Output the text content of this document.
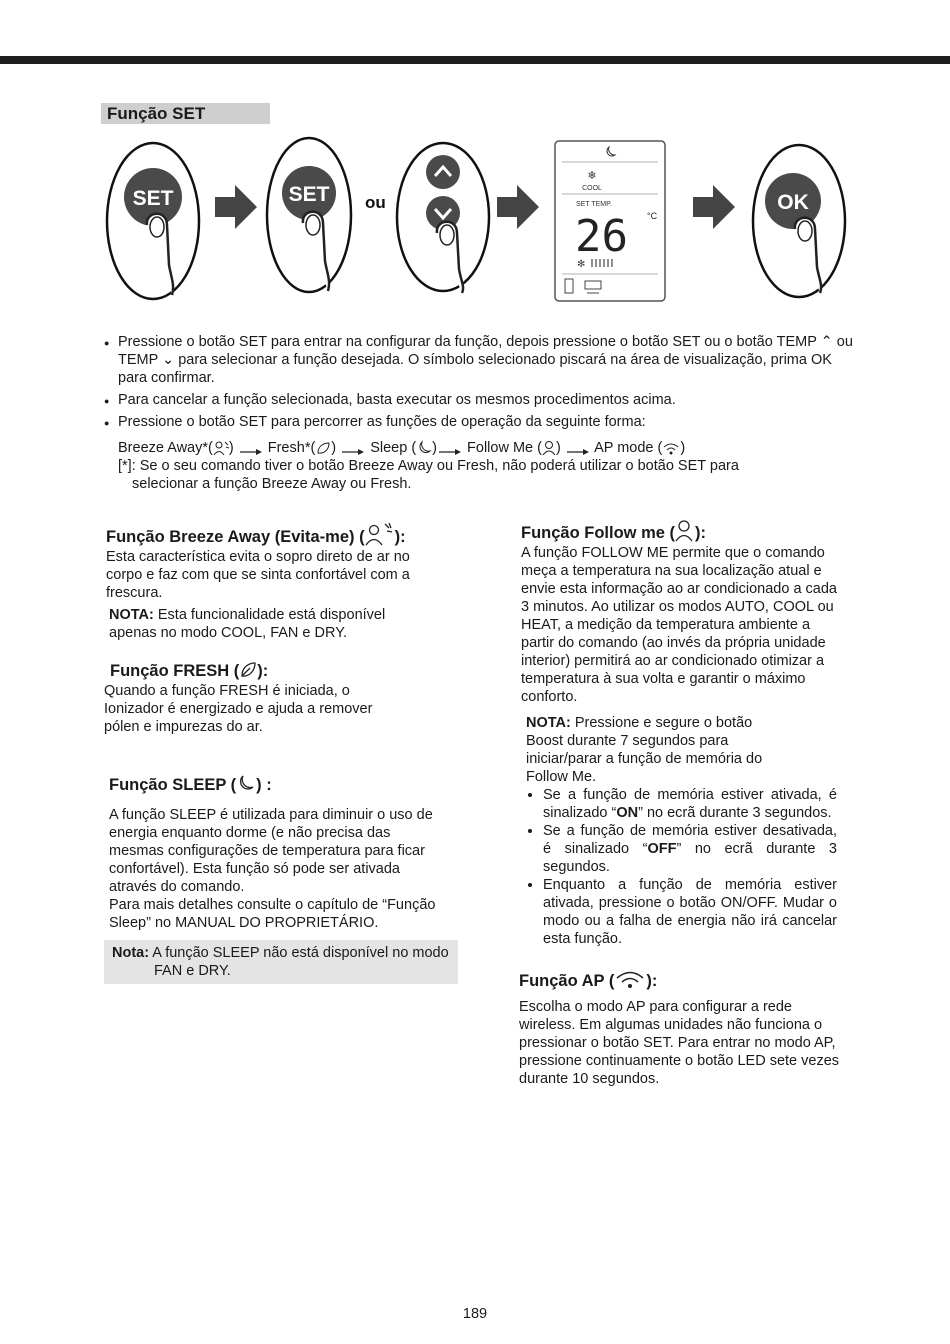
Função SET
SET	SET ou
❄
COOL
SET TEMP.
26 °C
✻
OK
● Pressione o botão SET para entrar na configurar da função, depois pressione o botão SET ou o botão TEMP ⌃ ou TEMP ⌄ para selecionar a função desejada. O símbolo selecionado piscará na área de visualização, prima OK para confirmar.
● Para cancelar a função selecionada, basta executar os mesmos procedimentos acima.
● Pressione o botão SET para percorrer as funções de operação da seguinte forma:
Breeze Away*( ) Fresh*( ) Sleep ( ) Follow Me ( ) AP mode ( )
[*]: Se o seu comando tiver o botão Breeze Away ou Fresh, não poderá utilizar o botão SET para
selecionar a função Breeze Away ou Fresh.
Função Breeze Away (Evita-me) ( ):
Esta característica evita o sopro direto de ar no corpo e faz com que se sinta confortável com a frescura.
NOTA: Esta funcionalidade está disponível apenas no modo COOL, FAN e DRY.
Função FRESH ( ):
Quando a função FRESH é iniciada, o Ionizador é energizado e ajuda a remover pólen e impurezas do ar.
Função SLEEP ( ) :
A função SLEEP é utilizada para diminuir o uso de energia enquanto dorme (e não precisa das mesmas configurações de temperatura para ficar confortável). Esta função só pode ser ativada através do comando.
Para mais detalhes consulte o capítulo de “Função Sleep” no MANUAL DO PROPRIETÁRIO.
Nota: A função SLEEP não está disponível no modo FAN e DRY.
Função Follow me ( ):
A função FOLLOW ME permite que o comando meça a temperatura na sua localização atual e envie esta informação ao ar condicionado a cada 3 minutos. Ao utilizar os modos AUTO, COOL ou HEAT, a medição da temperatura ambiente a partir do comando (ao invés da própria unidade interior) permitirá ao ar condicionado otimizar a temperatura à sua volta e garantir o máximo conforto.
NOTA: Pressione e segure o botão Boost durante 7 segundos para iniciar/parar a função de memória do Follow Me.
• Se a função de memória estiver ativada, é sinalizado “ON” no ecrã durante 3 segundos.
• Se a função de memória estiver desativada, é sinalizado “OFF” no ecrã durante 3 segundos.
• Enquanto a função de memória estiver ativada, pressione o botão ON/OFF. Mudar o modo ou a falha de energia não irá cancelar esta função.
Função AP ( ):
Escolha o modo AP para configurar a rede wireless. Em algumas unidades não funciona o pressionar o botão SET. Para entrar no modo AP, pressione continuamente o botão LED sete vezes durante 10 segundos.
189
